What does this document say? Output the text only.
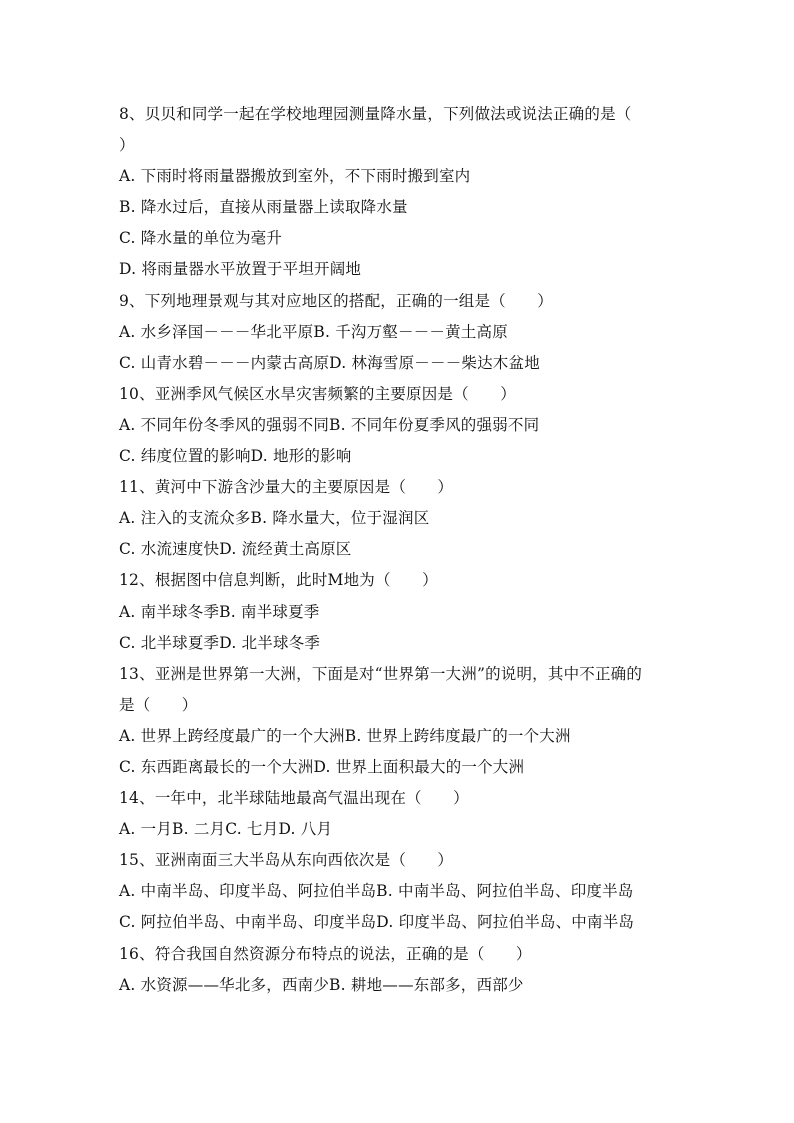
8、贝贝和同学一起在学校地理园测量降水量，下列做法或说法正确的是（
）
A. 下雨时将雨量器搬放到室外，不下雨时搬到室内
B. 降水过后，直接从雨量器上读取降水量
C. 降水量的单位为毫升
D. 将雨量器水平放置于平坦开阔地
9、下列地理景观与其对应地区的搭配，正确的一组是（　　）
A. 水乡泽国－－－华北平原B. 千沟万壑－－－黄土高原
C. 山青水碧－－－内蒙古高原D. 林海雪原－－－柴达木盆地
10、亚洲季风气候区水旱灾害频繁的主要原因是（　　）
A. 不同年份冬季风的强弱不同B. 不同年份夏季风的强弱不同
C. 纬度位置的影响D. 地形的影响
11、黄河中下游含沙量大的主要原因是（　　）
A. 注入的支流众多B. 降水量大，位于湿润区
C. 水流速度快D. 流经黄土高原区
12、根据图中信息判断，此时M地为（　　）
A. 南半球冬季B. 南半球夏季
C. 北半球夏季D. 北半球冬季
13、亚洲是世界第一大洲，下面是对“世界第一大洲”的说明，其中不正确的
是（　　）
A. 世界上跨经度最广的一个大洲B. 世界上跨纬度最广的一个大洲
C. 东西距离最长的一个大洲D. 世界上面积最大的一个大洲
14、一年中，北半球陆地最高气温出现在（　　）
A. 一月B. 二月C. 七月D. 八月
15、亚洲南面三大半岛从东向西依次是（　　）
A. 中南半岛、印度半岛、阿拉伯半岛B. 中南半岛、阿拉伯半岛、印度半岛
C. 阿拉伯半岛、中南半岛、印度半岛D. 印度半岛、阿拉伯半岛、中南半岛
16、符合我国自然资源分布特点的说法，正确的是（　　）
A. 水资源——华北多，西南少B. 耕地——东部多，西部少
